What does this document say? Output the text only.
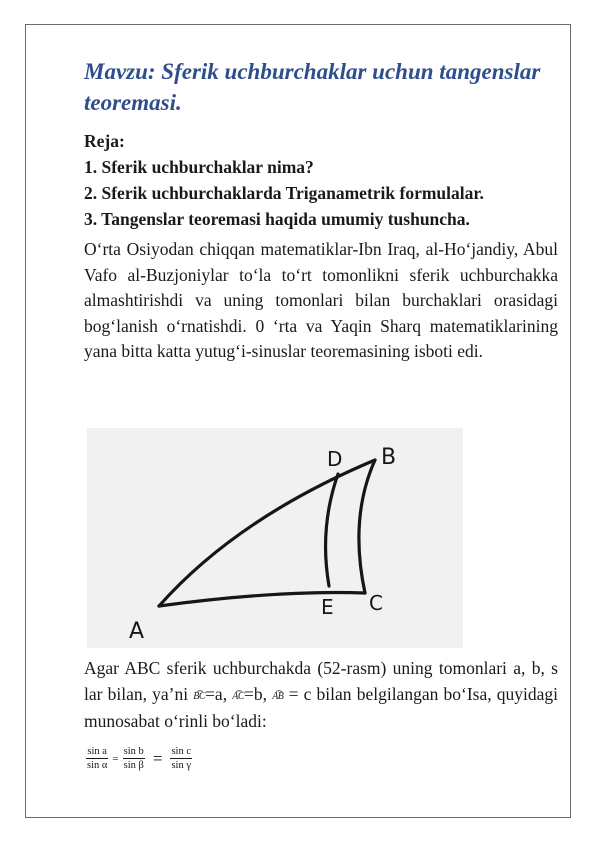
Mavzu: Sferik uchburchaklar uchun tangenslar teoremasi.

Reja:

1. Sferik uchburchaklar nima?

2. Sferik uchburchaklarda Triganametrik formulalar.

3. Tangenslar teoremasi haqida umumiy tushuncha.

O‘rta Osiyodan chiqqan matematiklar-Ibn Iraq, al-Ho‘jandiy, Abul Vafo al-Buzjoniylar to‘la to‘rt tomonlikni sferik uchburchakka almashtirishdi va uning tomonlari bilan burchaklari orasidagi bog‘lanish o‘rnatishdi. 0 ‘rta va Yaqin Sharq matematiklarining yana bitta katta yutug‘i-sinuslar teoremasining isboti edi.

A
B
C
D
E

Agar ABC sferik uchburchakda (52-rasm) uning tomonlari a, b, s lar bilan, ya’ni B͡C=a, A͡C=b, A͡B = c bilan belgilangan bo‘Isa, quyidagi munosabat o‘rinli bo‘ladi:

$\frac{\text{sin a}}{\text{sin α}} = \frac{\text{sin b}}{\text{sin β}} = \frac{\text{sin c}}{\text{sin γ}}$
